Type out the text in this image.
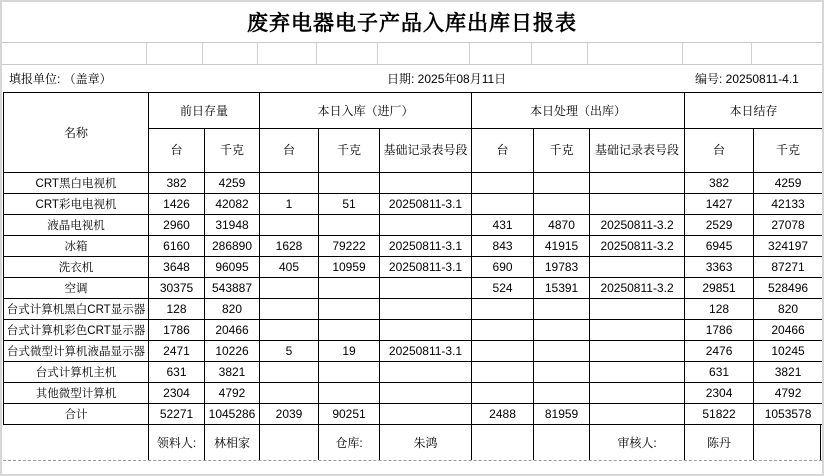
废弃电器电子产品入库出库日报表
填报单位: （盖章）	日期: 2025年08月11日	编号: 20250811-4.1
名称	前日存量		本日入库（进厂）			本日处理（出库）			本日结存	
	台	千克	台	千克	基础记录表号段	台	千克	基础记录表号段	台	千克
CRT黑白电视机	382	4259							382	4259
CRT彩电电视机	1426	42082	1	51	20250811-3.1				1427	42133
液晶电视机	2960	31948				431	4870	20250811-3.2	2529	27078
冰箱	6160	286890	1628	79222	20250811-3.1	843	41915	20250811-3.2	6945	324197
洗衣机	3648	96095	405	10959	20250811-3.1	690	19783		3363	87271
空调	30375	543887				524	15391	20250811-3.2	29851	528496
台式计算机黑白CRT显示器	128	820							128	820
台式计算机彩色CRT显示器	1786	20466							1786	20466
台式微型计算机液晶显示器	2471	10226	5	19	20250811-3.1				2476	10245
台式计算机主机	631	3821							631	3821
其他微型计算机	2304	4792							2304	4792
合计	52271	1045286	2039	90251		2488	81959		51822	1053578
领料人:	林相家	仓库:	朱鸿	审核人:	陈丹
